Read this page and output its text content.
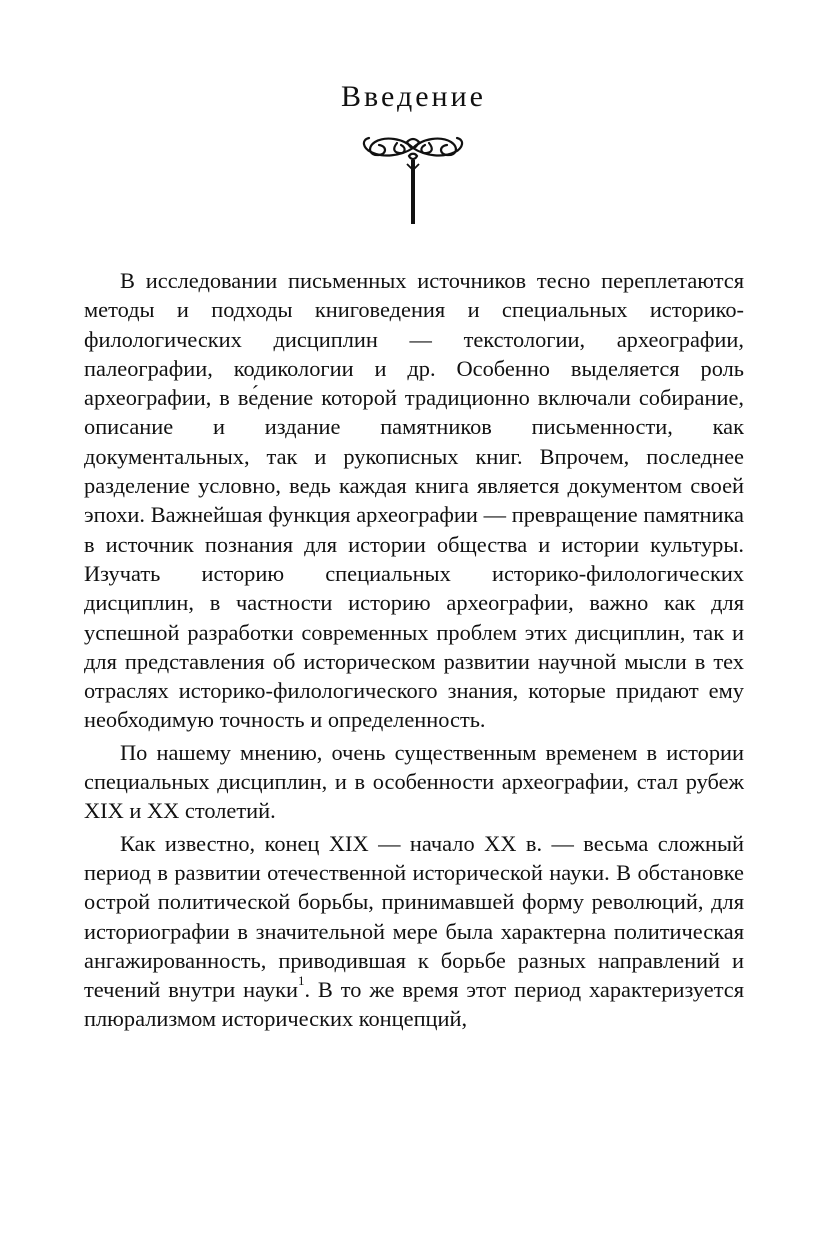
Введение

В исследовании письменных источников тесно переплетаются методы и подходы книговедения и специальных историко-филологических дисциплин — текстологии, археографии, палеографии, кодикологии и др. Особенно выделяется роль археографии, в ве́дение которой традиционно включали собирание, описание и издание памятников письменности, как документальных, так и рукописных книг. Впрочем, последнее разделение условно, ведь каждая книга является документом своей эпохи. Важнейшая функция археографии — превращение памятника в источник познания для истории общества и истории культуры. Изучать историю специальных историко-филологических дисциплин, в частности историю археографии, важно как для успешной разработки современных проблем этих дисциплин, так и для представления об историческом развитии научной мысли в тех отраслях историко-филологического знания, которые придают ему необходимую точность и определенность.

По нашему мнению, очень существенным временем в истории специальных дисциплин, и в особенности археографии, стал рубеж XIX и XX столетий.

Как известно, конец XIX — начало XX в. — весьма сложный период в развитии отечественной исторической науки. В обстановке острой политической борьбы, принимавшей форму революций, для историографии в значительной мере была характерна политическая ангажированность, приводившая к борьбе разных направлений и течений внутри науки$^1$. В то же время этот период характеризуется плюрализмом исторических концепций,
